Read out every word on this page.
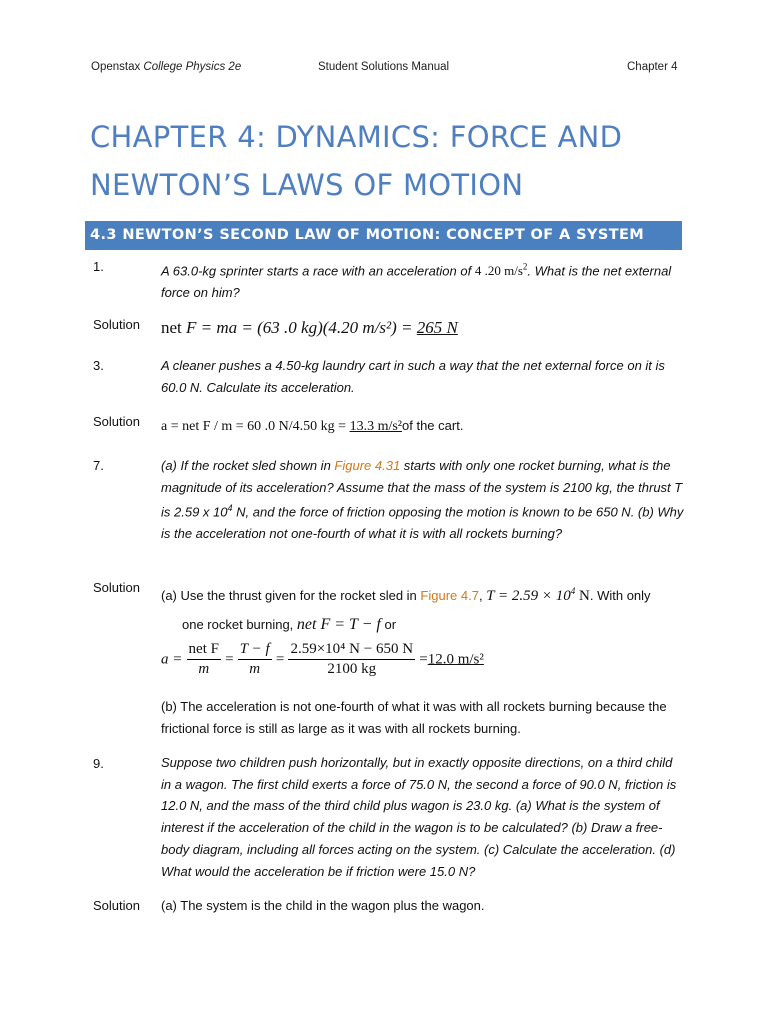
Openstax College Physics 2e	Student Solutions Manual	Chapter 4
CHAPTER 4: DYNAMICS: FORCE AND
NEWTON’S LAWS OF MOTION
4.3 NEWTON’S SECOND LAW OF MOTION: CONCEPT OF A SYSTEM
1.	A 63.0-kg sprinter starts a race with an acceleration of 4 .20 $m/s^2$. What is the net external force on him?
Solution net F = ma = (63 .0 kg)(4.20 m/s²) = 265 N
3.	A cleaner pushes a 4.50-kg laundry cart in such a way that the net external force on it is 60.0 N. Calculate its acceleration.
Solution a = net F / m = 60 .0 N/4.50 kg = 13.3 m/s²of the cart.
7.	(a) If the rocket sled shown in Figure 4.31 starts with only one rocket burning, what is the magnitude of its acceleration? Assume that the mass of the system is 2100 kg, the thrust T is 2.59 x $10^4$ N, and the force of friction opposing the motion is known to be 650 N. (b) Why is the acceleration not one-fourth of what it is with all rockets burning?
Solution
(a) Use the thrust given for the rocket sled in Figure 4.7, $T = 2.59 \times 10^4$ N. With only
one rocket burning, net F = T − f or
$a = \frac{\text{net F}}{m} = \frac{T - f}{m} = \frac{\text{2.59×10⁴ N − 650 N}}{2100 kg} =12.0$ m/s²
(b) The acceleration is not one-fourth of what it was with all rockets burning because the frictional force is still as large as it was with all rockets burning.
9.	Suppose two children push horizontally, but in exactly opposite directions, on a third child in a wagon. The first child exerts a force of 75.0 N, the second a force of 90.0 N, friction is 12.0 N, and the mass of the third child plus wagon is 23.0 kg. (a) What is the system of interest if the acceleration of the child in the wagon is to be calculated? (b) Draw a free-body diagram, including all forces acting on the system. (c) Calculate the acceleration. (d) What would the acceleration be if friction were 15.0 N?
Solution (a) The system is the child in the wagon plus the wagon.
